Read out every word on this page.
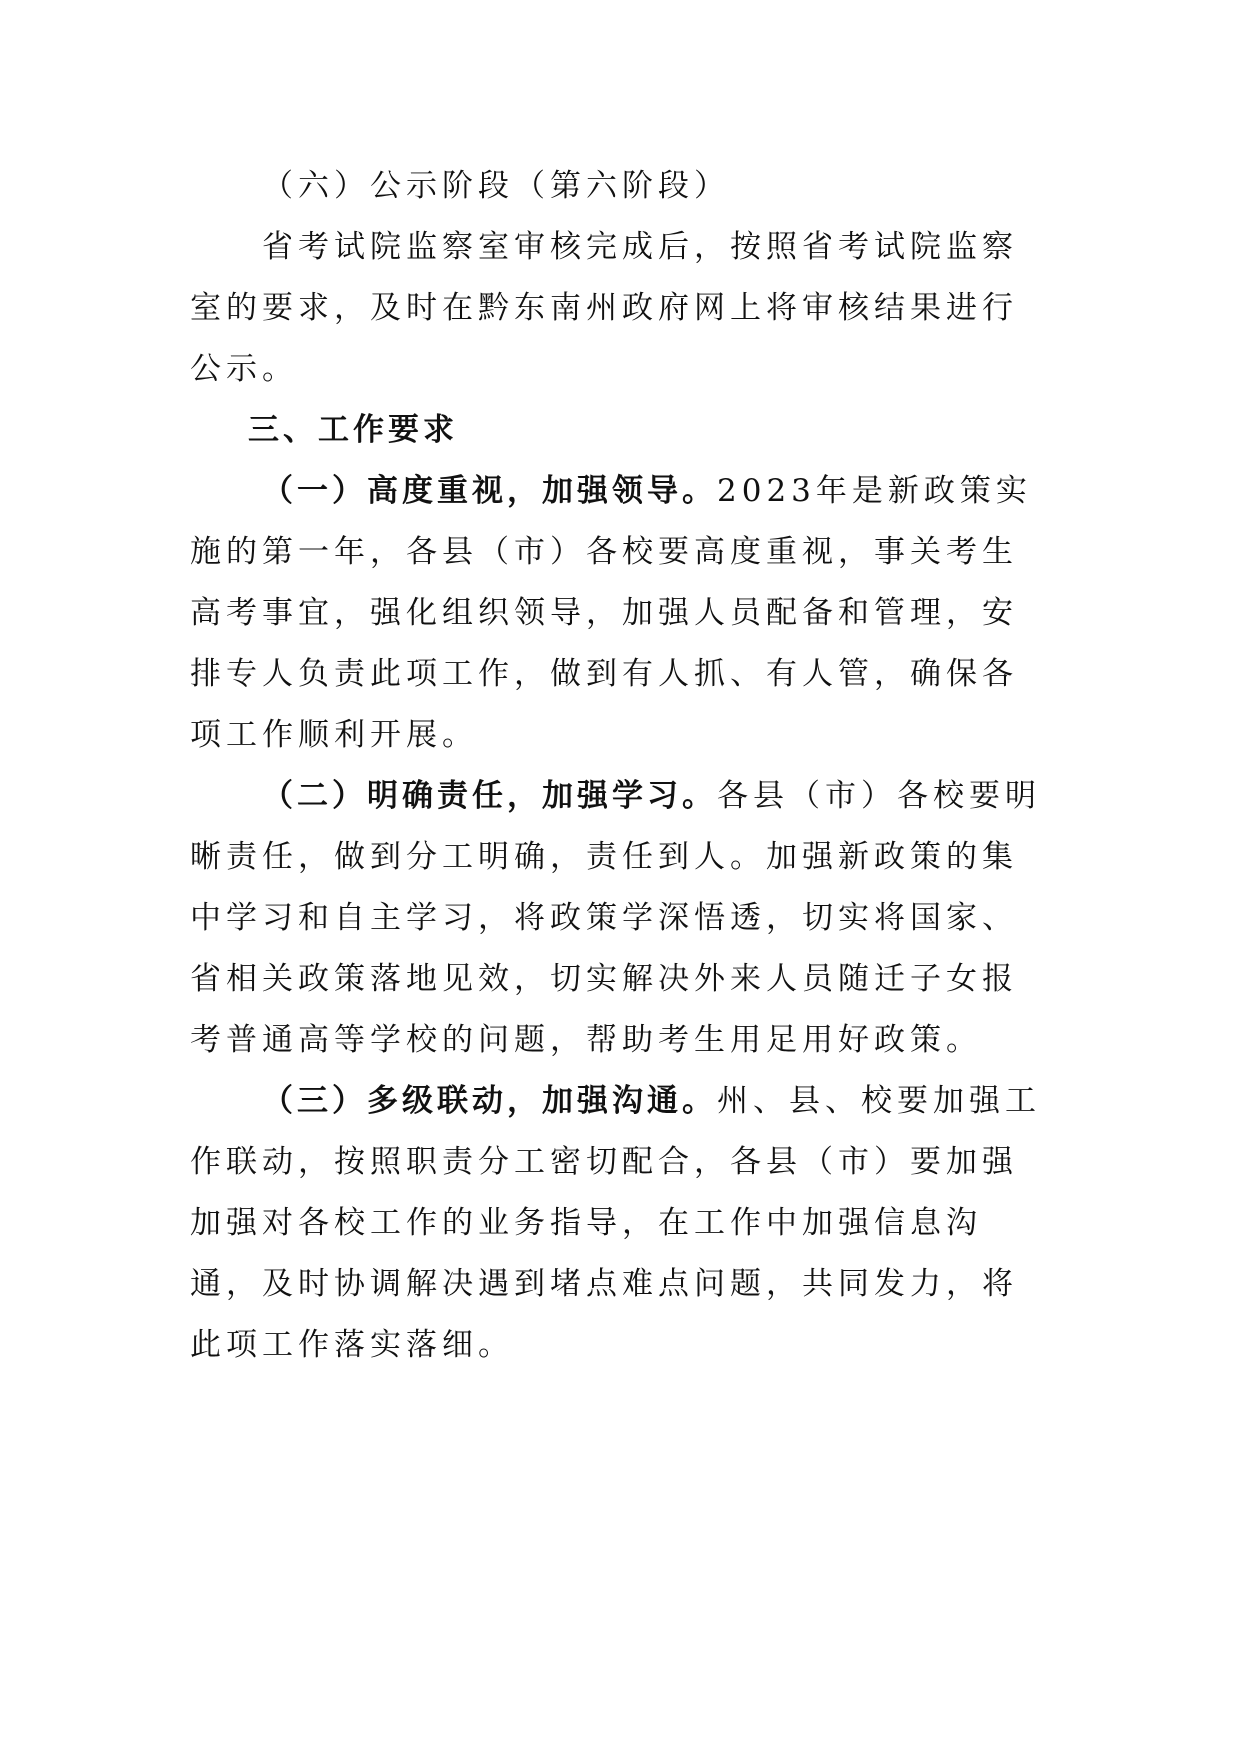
（六）公示阶段（第六阶段）

省考试院监察室审核完成后，按照省考试院监察室的要求，及时在黔东南州政府网上将审核结果进行公示。

三、工作要求

（一）高度重视，加强领导。2023年是新政策实施的第一年，各县（市）各校要高度重视，事关考生高考事宜，强化组织领导，加强人员配备和管理，安排专人负责此项工作，做到有人抓、有人管，确保各项工作顺利开展。

（二）明确责任，加强学习。各县（市）各校要明晰责任，做到分工明确，责任到人。加强新政策的集中学习和自主学习，将政策学深悟透，切实将国家、省相关政策落地见效，切实解决外来人员随迁子女报考普通高等学校的问题，帮助考生用足用好政策。

（三）多级联动，加强沟通。州、县、校要加强工作联动，按照职责分工密切配合，各县（市）要加强加强对各校工作的业务指导，在工作中加强信息沟通，及时协调解决遇到堵点难点问题，共同发力，将此项工作落实落细。
